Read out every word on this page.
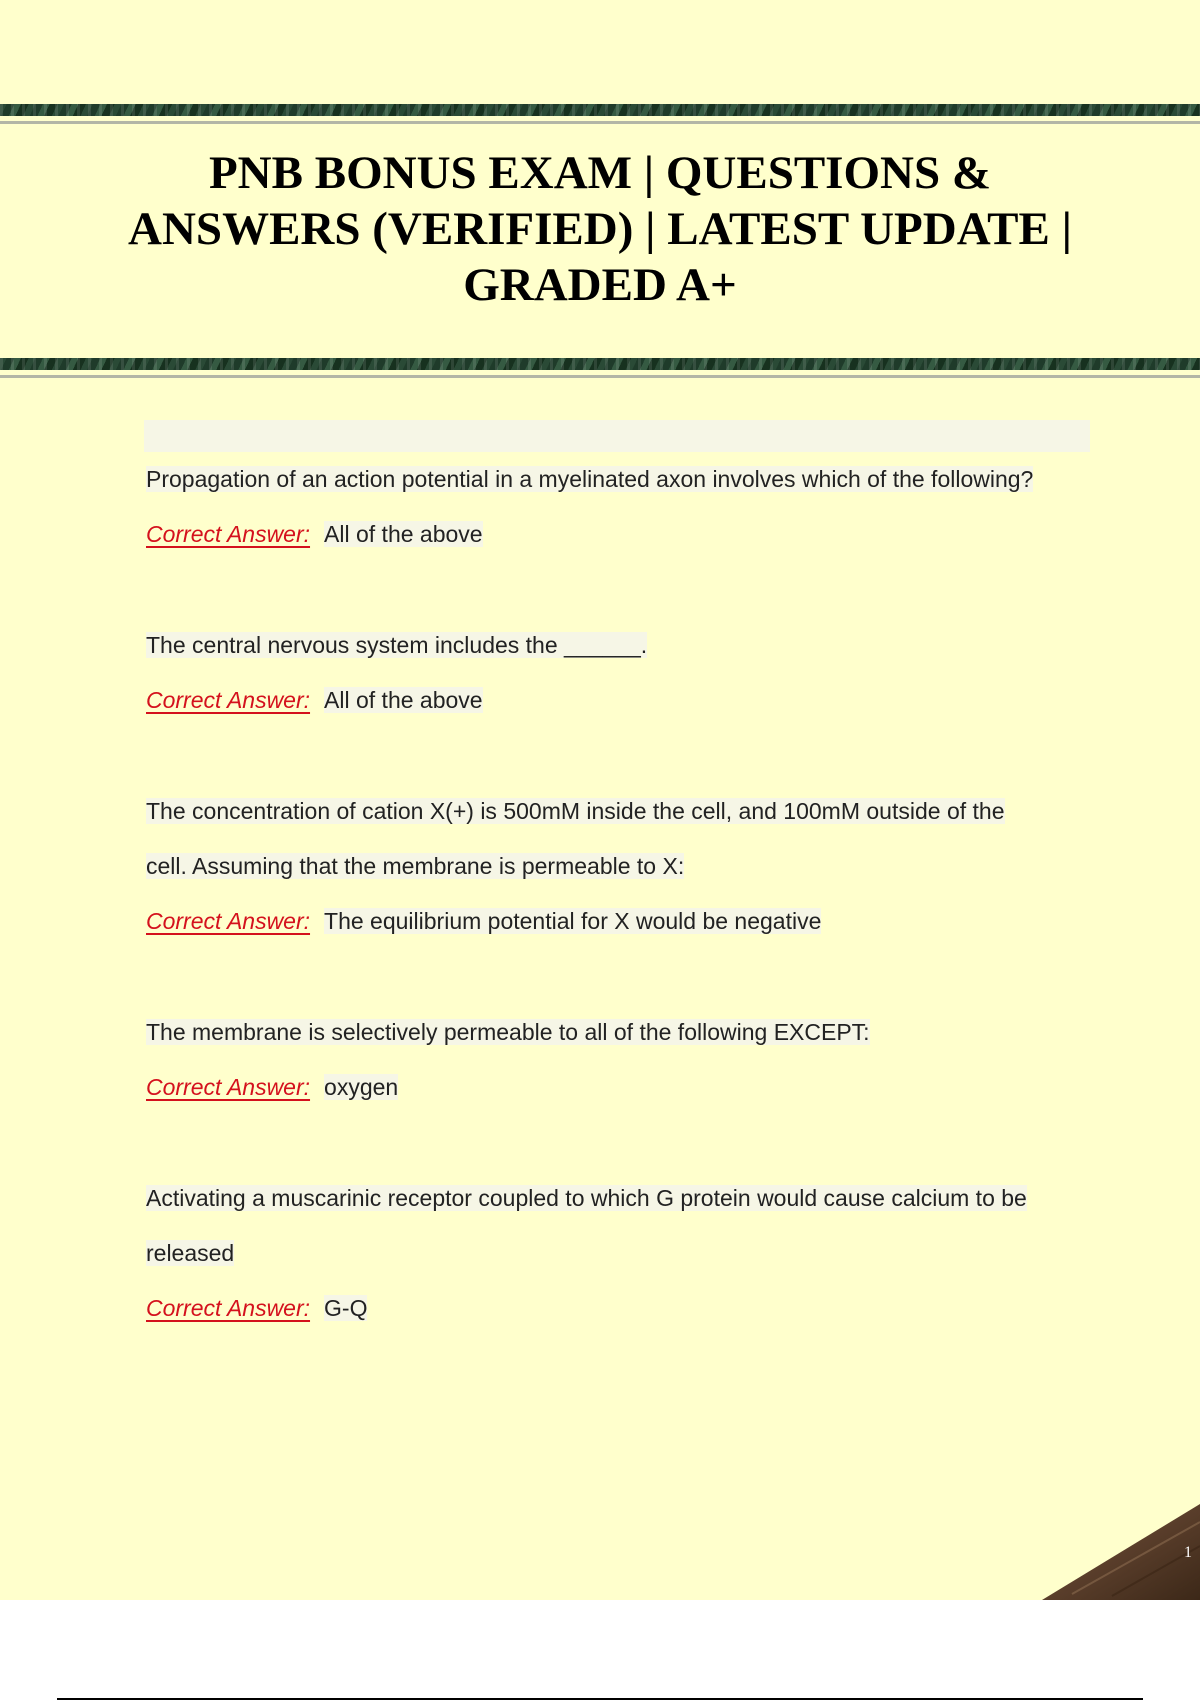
PNB BONUS EXAM | QUESTIONS & ANSWERS (VERIFIED) | LATEST UPDATE | GRADED A+

Propagation of an action potential in a myelinated axon involves which of the following?

Correct Answer: All of the above

The central nervous system includes the ______.

Correct Answer: All of the above

The concentration of cation X(+) is 500mM inside the cell, and 100mM outside of the

cell. Assuming that the membrane is permeable to X:

Correct Answer: The equilibrium potential for X would be negative

The membrane is selectively permeable to all of the following EXCEPT:

Correct Answer: oxygen

Activating a muscarinic receptor coupled to which G protein would cause calcium to be

released

Correct Answer: G-Q

1
